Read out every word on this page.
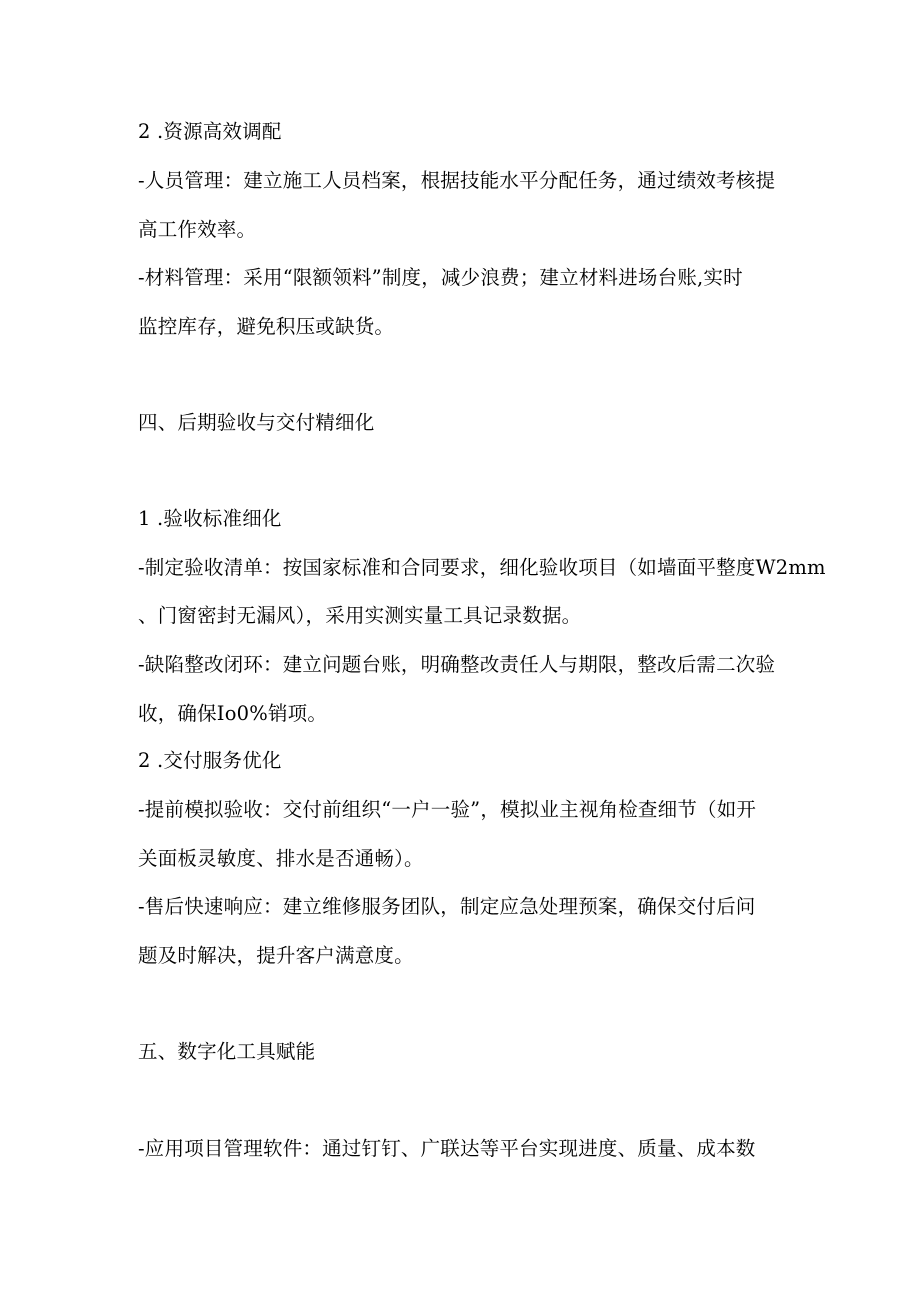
2 .资源高效调配
-人员管理：建立施工人员档案，根据技能水平分配任务，通过绩效考核提
高工作效率。
-材料管理：采用“限额领料”制度，减少浪费；建立材料进场台账,实时
监控库存，避免积压或缺货。
四、后期验收与交付精细化
1 .验收标准细化
-制定验收清单：按国家标准和合同要求，细化验收项目（如墙面平整度W2mm
、门窗密封无漏风），采用实测实量工具记录数据。
-缺陷整改闭环：建立问题台账，明确整改责任人与期限，整改后需二次验
收，确保Io0%销项。
2 .交付服务优化
-提前模拟验收：交付前组织“一户一验”，模拟业主视角检查细节（如开
关面板灵敏度、排水是否通畅）。
-售后快速响应：建立维修服务团队，制定应急处理预案，确保交付后问
题及时解决，提升客户满意度。
五、数字化工具赋能
-应用项目管理软件：通过钉钉、广联达等平台实现进度、质量、成本数
